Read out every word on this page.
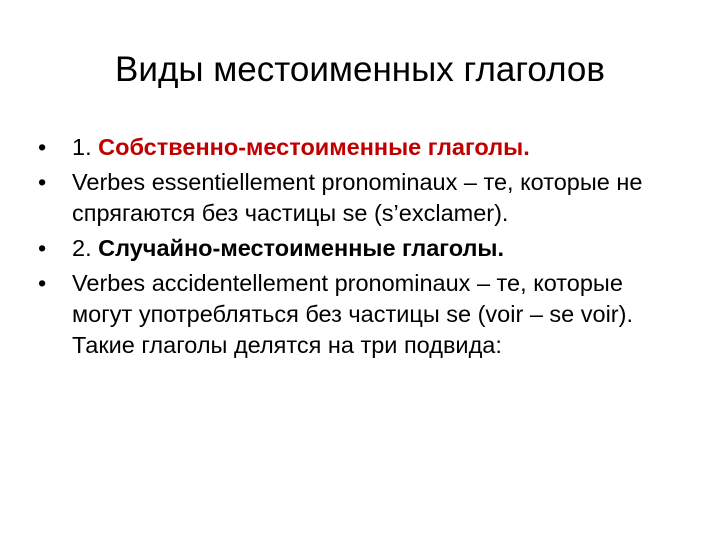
Виды местоименных глаголов
•	1. Собственно-местоименные глаголы.
•	Verbes essentiellement pronominaux – те, которые не спрягаются без частицы se (s’exclamer).
•	2. Случайно-местоименные глаголы.
•	Verbes accidentellement pronominaux – те, которые могут употребляться без частицы se (voir – se voir). Такие глаголы делятся на три подвида:
